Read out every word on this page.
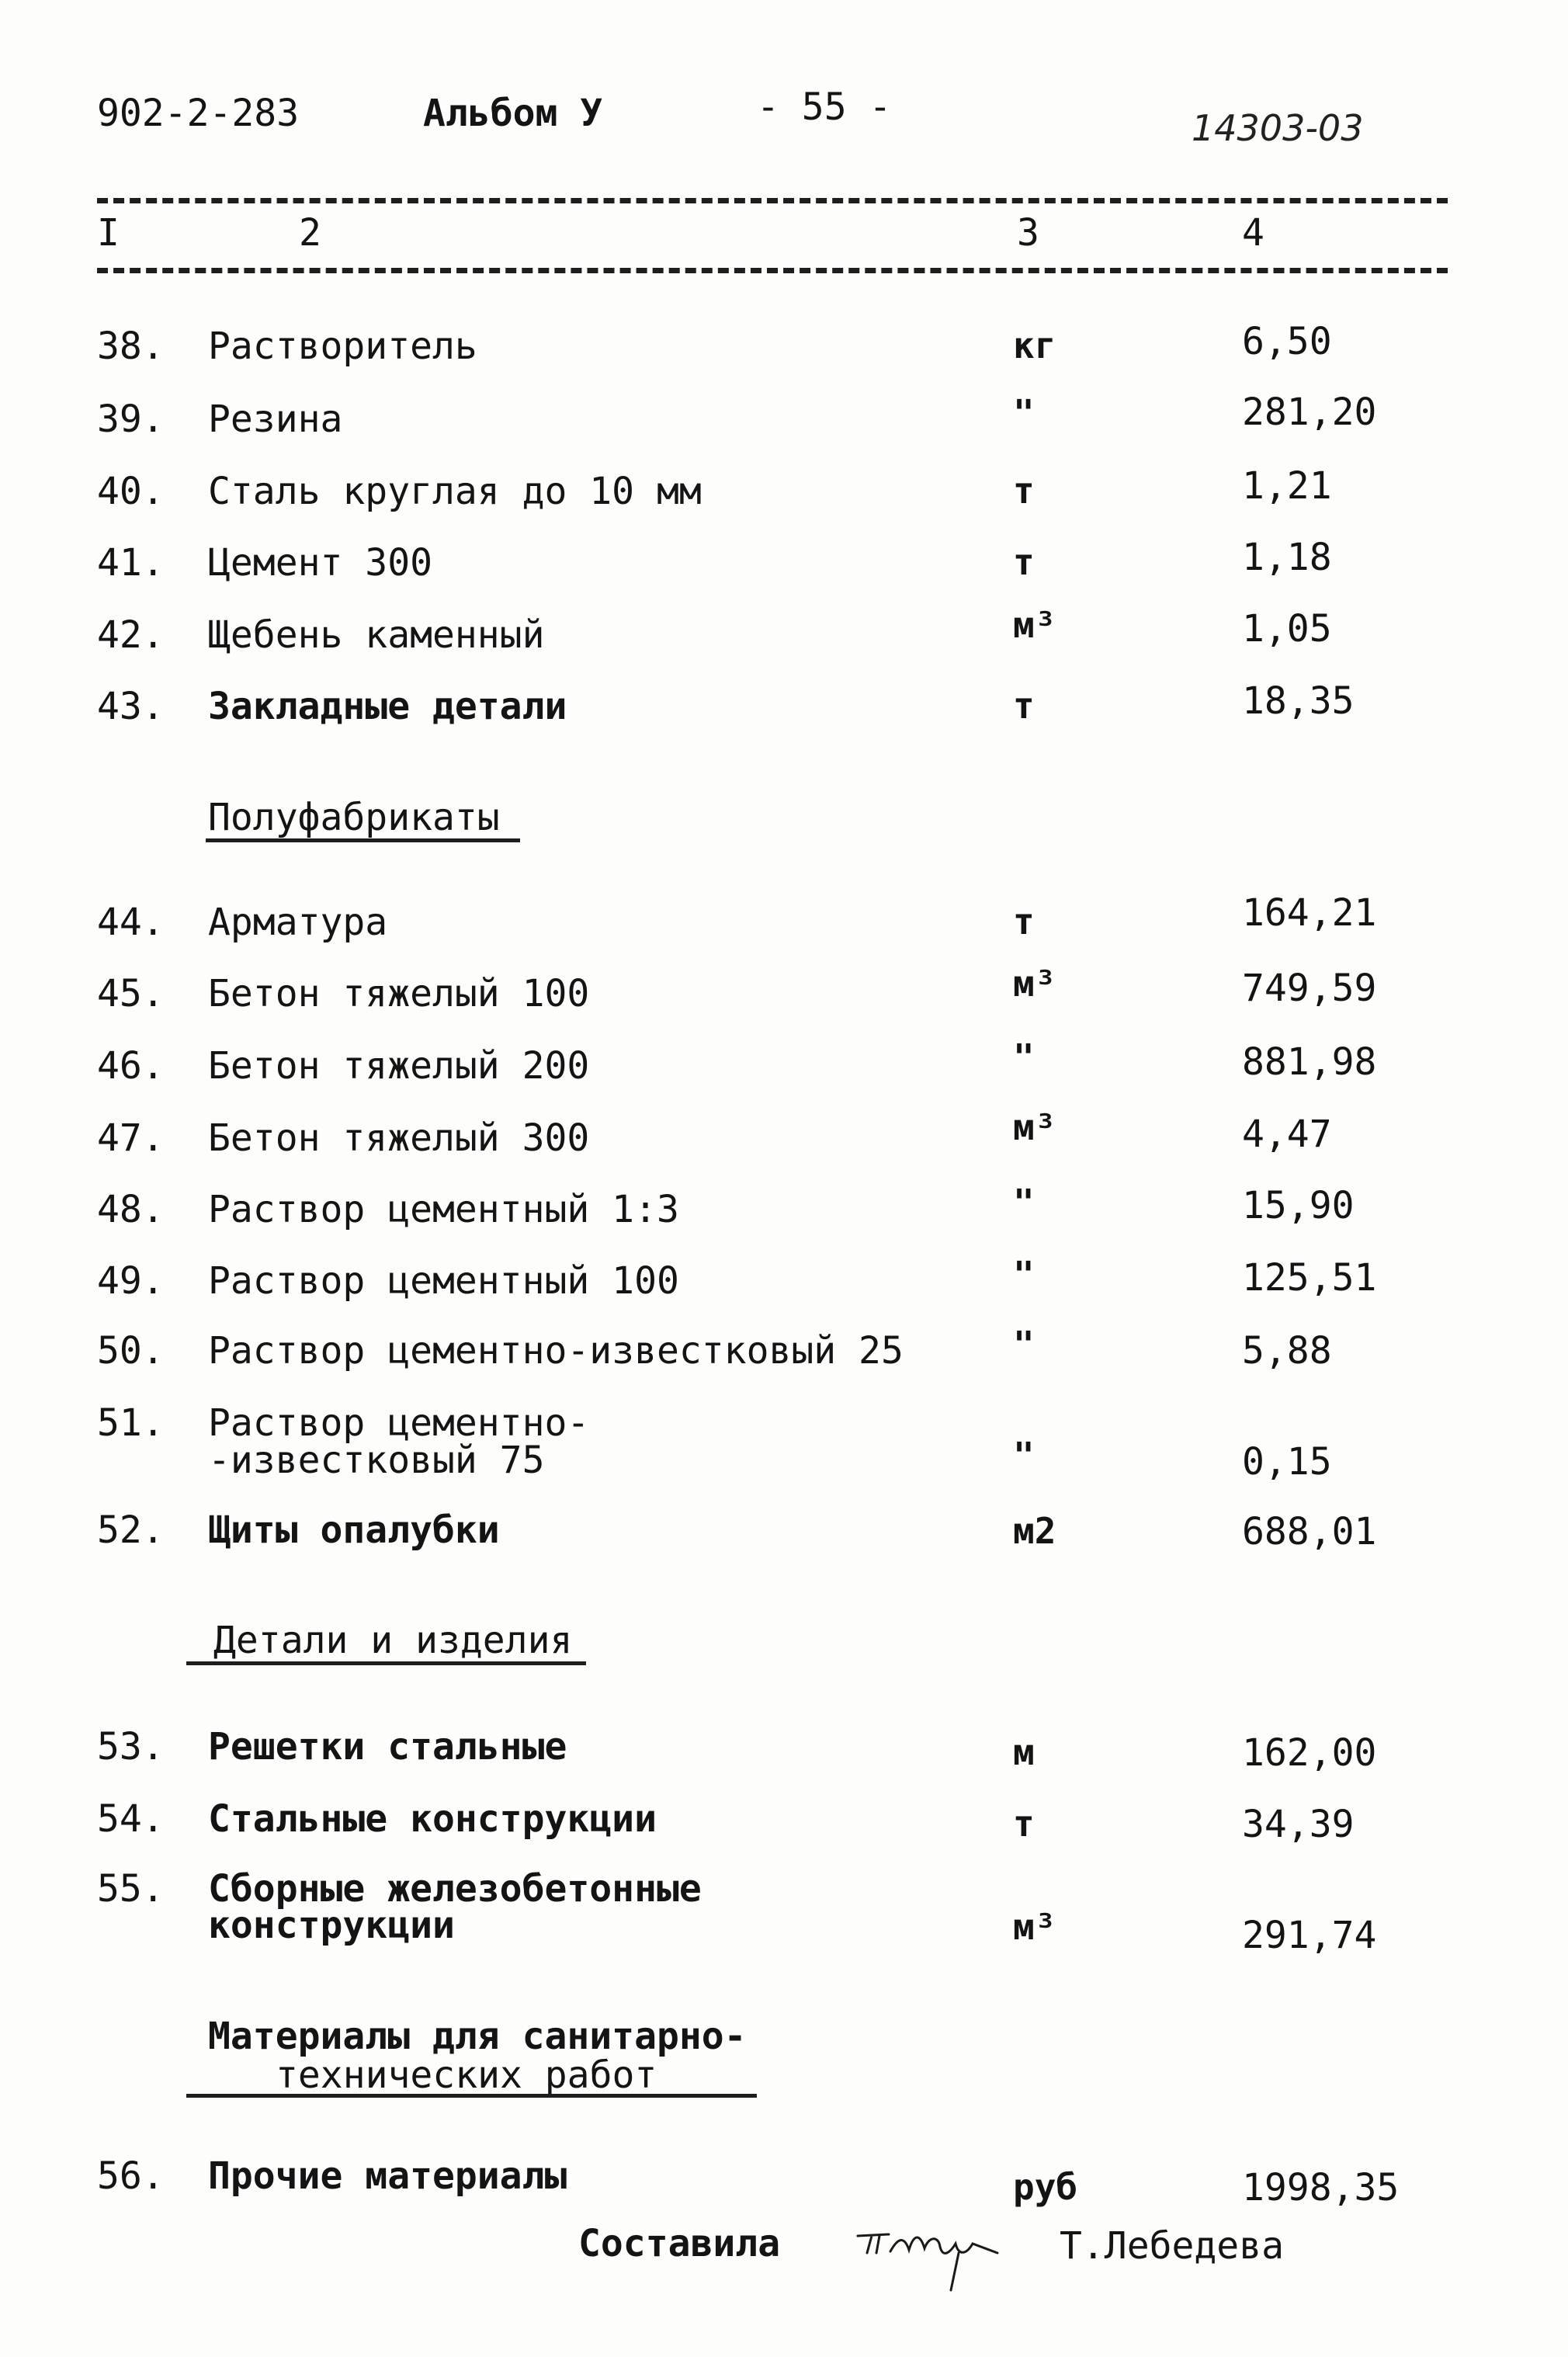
902-2-283	Альбом У	- 55 -	14303-03
I	2	3	4
38. Растворитель	кг	6,50
39. Резина	"	281,20
40. Сталь круглая до 10 мм	т	1,21
41. Цемент 300	т	1,18
42. Щебень каменный	м³	1,05
43. Закладные детали	т	18,35
Полуфабрикаты
44. Арматура	т	164,21
45. Бетон тяжелый 100	м³	749,59
46. Бетон тяжелый 200	"	881,98
47. Бетон тяжелый 300	м³	4,47
48. Раствор цементный 1:3	"	15,90
49. Раствор цементный 100	"	125,51
50. Раствор цементно-известковый 25	"	5,88
51. Раствор цементно-
-известковый 75	"	0,15
52. Щиты опалубки	м2	688,01
Детали и изделия
53. Решетки стальные	м	162,00
54. Стальные конструкции	т	34,39
55. Сборные железобетонные
конструкции	м³	291,74
Материалы для санитарно-
технических работ
56. Прочие материалы	руб	1998,35
Составила	Т.Лебедева
